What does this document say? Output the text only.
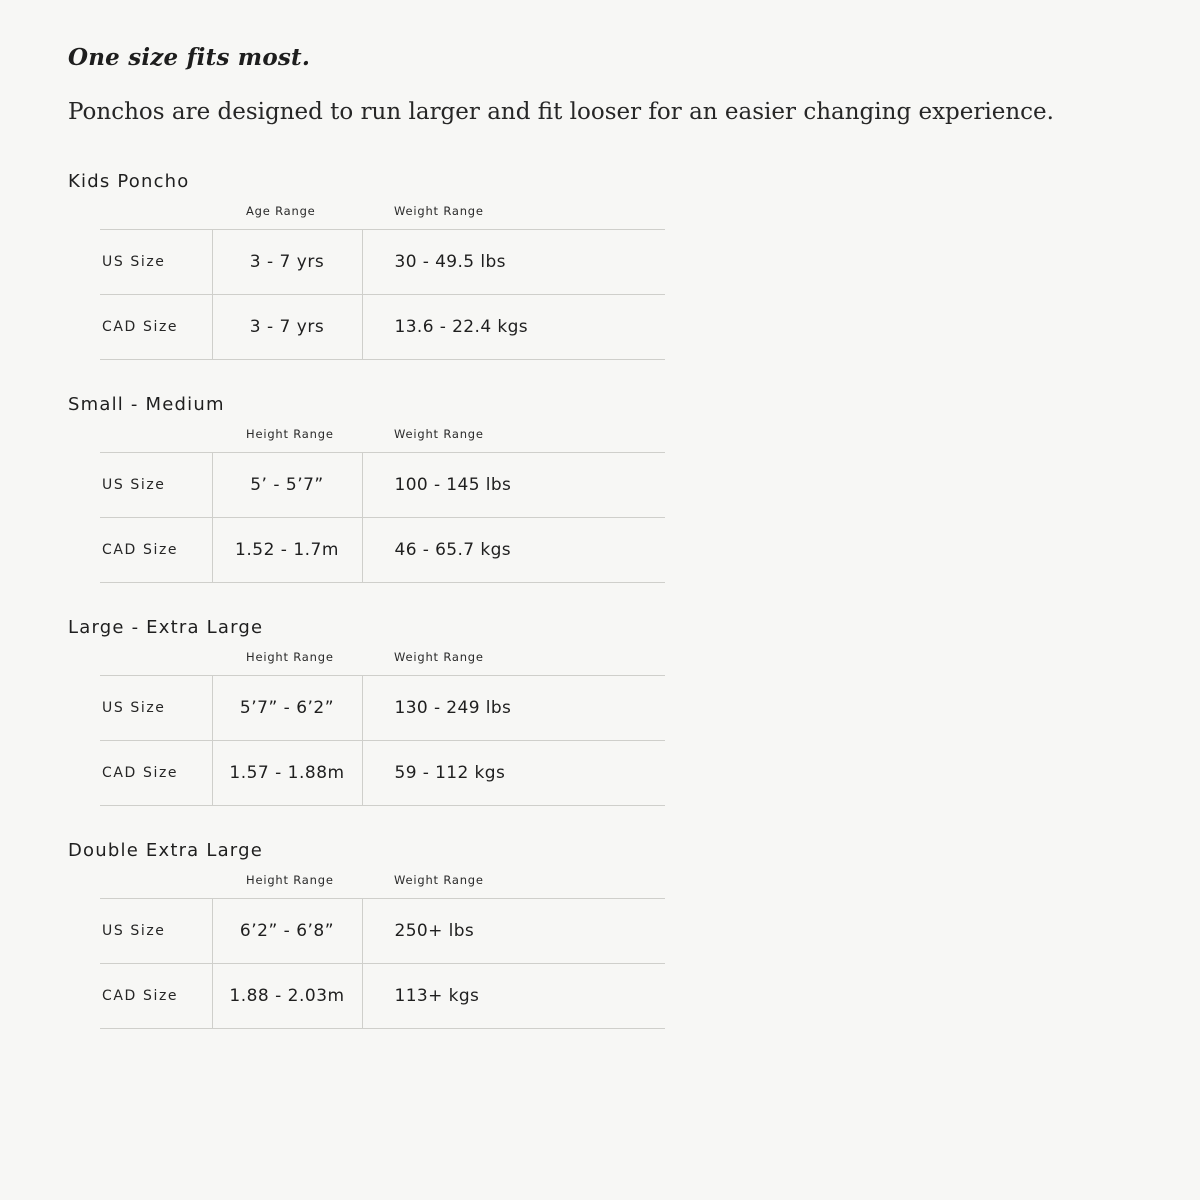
One size fits most.

Ponchos are designed to run larger and fit looser for an easier changing experience.

Kids Poncho
	Age Range	Weight Range
US Size	3 - 7 yrs	30 - 49.5 lbs
CAD Size	3 - 7 yrs	13.6 - 22.4 kgs
Small - Medium
	Height Range	Weight Range
US Size	5’ - 5’7”	100 - 145 lbs
CAD Size	1.52 - 1.7m	46 - 65.7 kgs
Large - Extra Large
	Height Range	Weight Range
US Size	5’7” - 6’2”	130 - 249 lbs
CAD Size	1.57 - 1.88m	59 - 112 kgs
Double Extra Large
	Height Range	Weight Range
US Size	6’2” - 6’8”	250+ lbs
CAD Size	1.88 - 2.03m	113+ kgs
